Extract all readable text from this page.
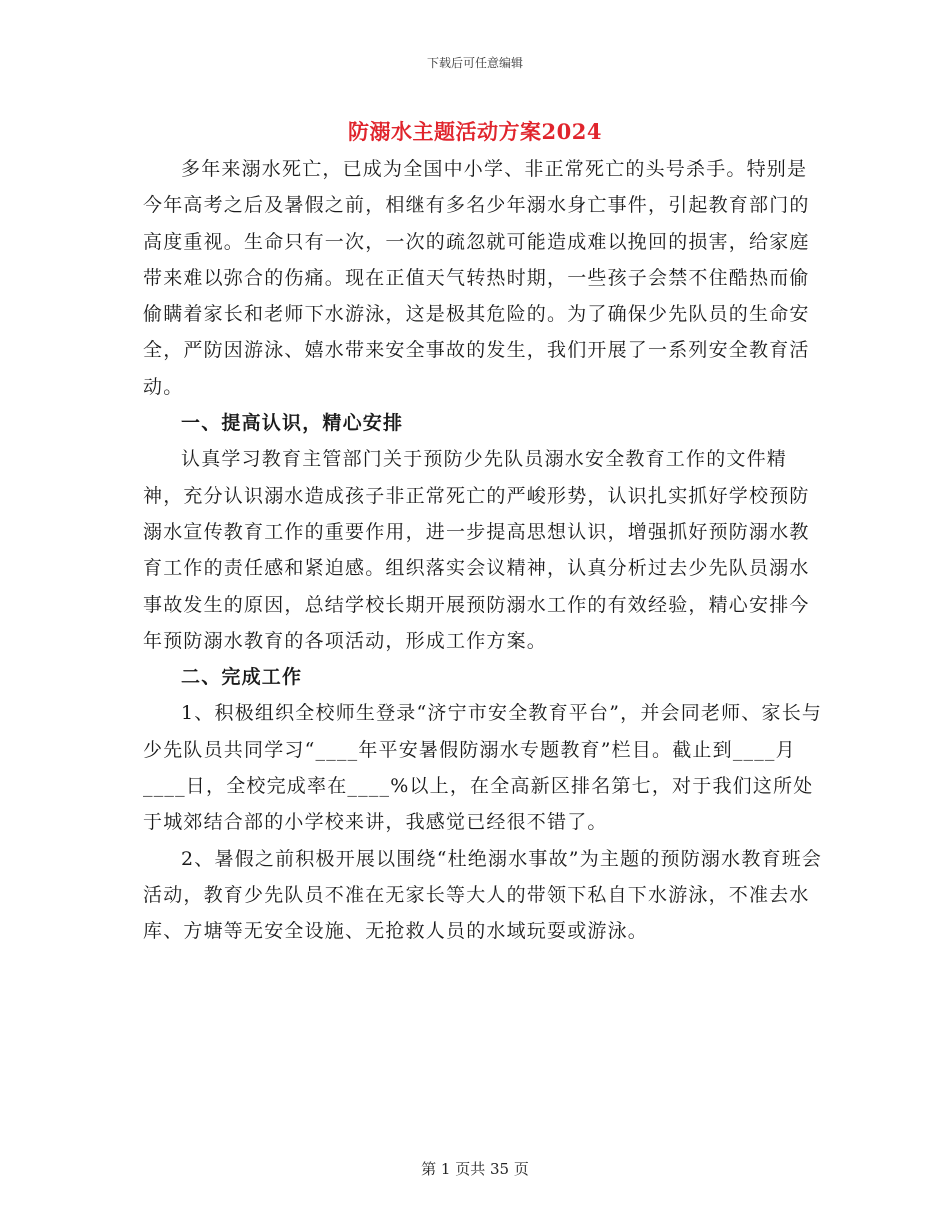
下载后可任意编辑
防溺水主题活动方案2024

多年来溺水死亡，已成为全国中小学、非正常死亡的头号杀手。特别是今年高考之后及暑假之前，相继有多名少年溺水身亡事件，引起教育部门的高度重视。生命只有一次，一次的疏忽就可能造成难以挽回的损害，给家庭带来难以弥合的伤痛。现在正值天气转热时期，一些孩子会禁不住酷热而偷偷瞒着家长和老师下水游泳，这是极其危险的。为了确保少先队员的生命安全，严防因游泳、嬉水带来安全事故的发生，我们开展了一系列安全教育活动。

一、提高认识，精心安排

认真学习教育主管部门关于预防少先队员溺水安全教育工作的文件精神，充分认识溺水造成孩子非正常死亡的严峻形势，认识扎实抓好学校预防溺水宣传教育工作的重要作用，进一步提高思想认识，增强抓好预防溺水教育工作的责任感和紧迫感。组织落实会议精神，认真分析过去少先队员溺水事故发生的原因，总结学校长期开展预防溺水工作的有效经验，精心安排今年预防溺水教育的各项活动，形成工作方案。

二、完成工作

1、积极组织全校师生登录“济宁市安全教育平台”，并会同老师、家长与少先队员共同学习“____年平安暑假防溺水专题教育”栏目。截止到____月____日，全校完成率在____%以上，在全高新区排名第七，对于我们这所处于城郊结合部的小学校来讲，我感觉已经很不错了。

2、暑假之前积极开展以围绕“杜绝溺水事故”为主题的预防溺水教育班会活动，教育少先队员不准在无家长等大人的带领下私自下水游泳，不准去水库、方塘等无安全设施、无抢救人员的水域玩耍或游泳。

第 1 页共 35 页
